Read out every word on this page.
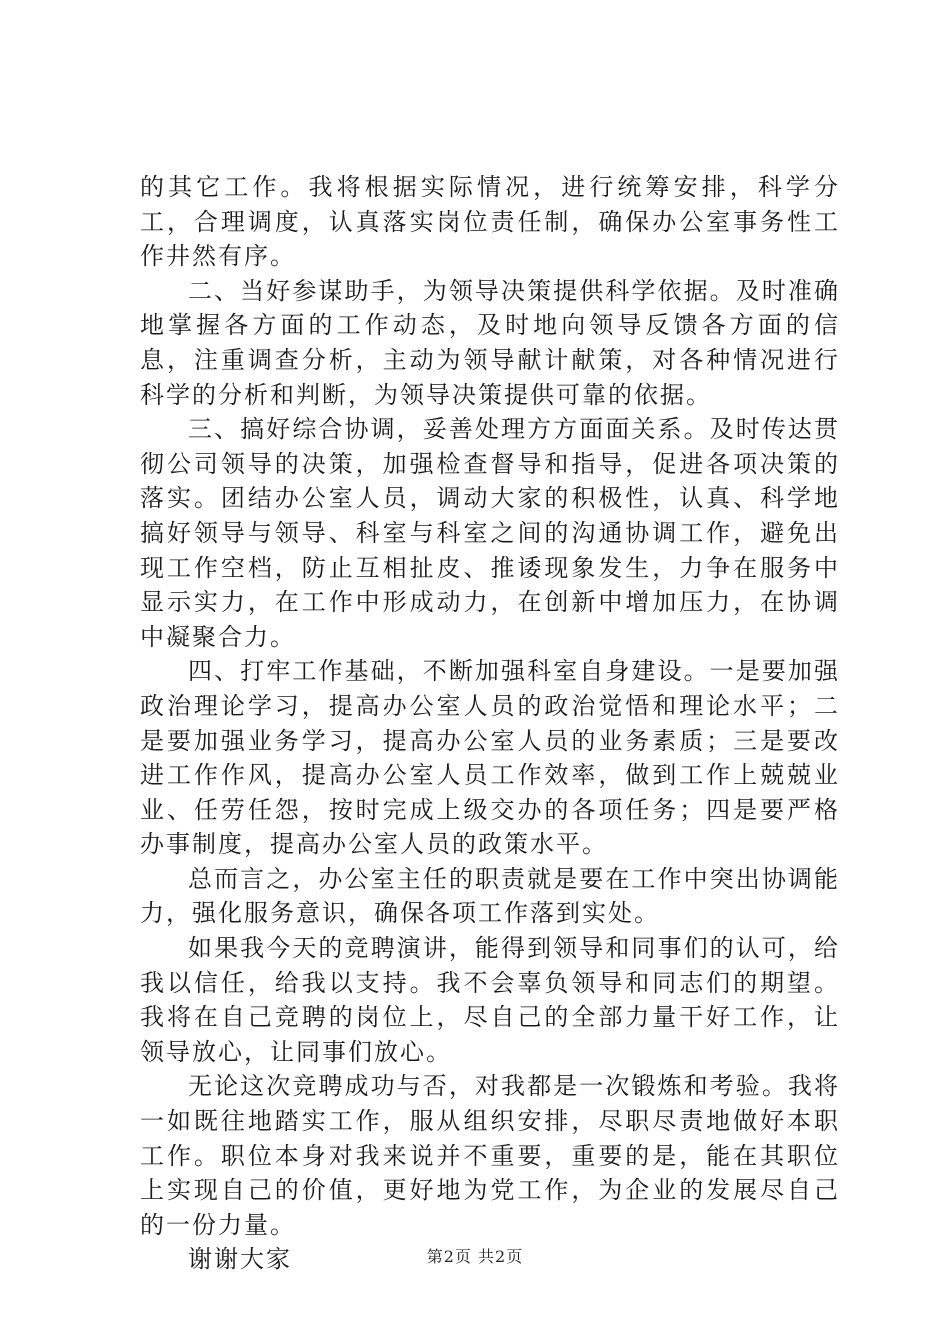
的其它工作。我将根据实际情况，进行统筹安排，科学分工，合理调度，认真落实岗位责任制，确保办公室事务性工作井然有序。

二、当好参谋助手，为领导决策提供科学依据。及时准确地掌握各方面的工作动态，及时地向领导反馈各方面的信息，注重调查分析，主动为领导献计献策，对各种情况进行科学的分析和判断，为领导决策提供可靠的依据。

三、搞好综合协调，妥善处理方方面面关系。及时传达贯彻公司领导的决策，加强检查督导和指导，促进各项决策的落实。团结办公室人员，调动大家的积极性，认真、科学地搞好领导与领导、科室与科室之间的沟通协调工作，避免出现工作空档，防止互相扯皮、推诿现象发生，力争在服务中显示实力，在工作中形成动力，在创新中增加压力，在协调中凝聚合力。

四、打牢工作基础，不断加强科室自身建设。一是要加强政治理论学习，提高办公室人员的政治觉悟和理论水平；二是要加强业务学习，提高办公室人员的业务素质；三是要改进工作作风，提高办公室人员工作效率，做到工作上兢兢业业、任劳任怨，按时完成上级交办的各项任务；四是要严格办事制度，提高办公室人员的政策水平。

总而言之，办公室主任的职责就是要在工作中突出协调能力，强化服务意识，确保各项工作落到实处。

如果我今天的竞聘演讲，能得到领导和同事们的认可，给我以信任，给我以支持。我不会辜负领导和同志们的期望。我将在自己竞聘的岗位上，尽自己的全部力量干好工作，让领导放心，让同事们放心。

无论这次竞聘成功与否，对我都是一次锻炼和考验。我将一如既往地踏实工作，服从组织安排，尽职尽责地做好本职工作。职位本身对我来说并不重要，重要的是，能在其职位上实现自己的价值，更好地为党工作，为企业的发展尽自己的一份力量。

谢谢大家	第2页 共2页
